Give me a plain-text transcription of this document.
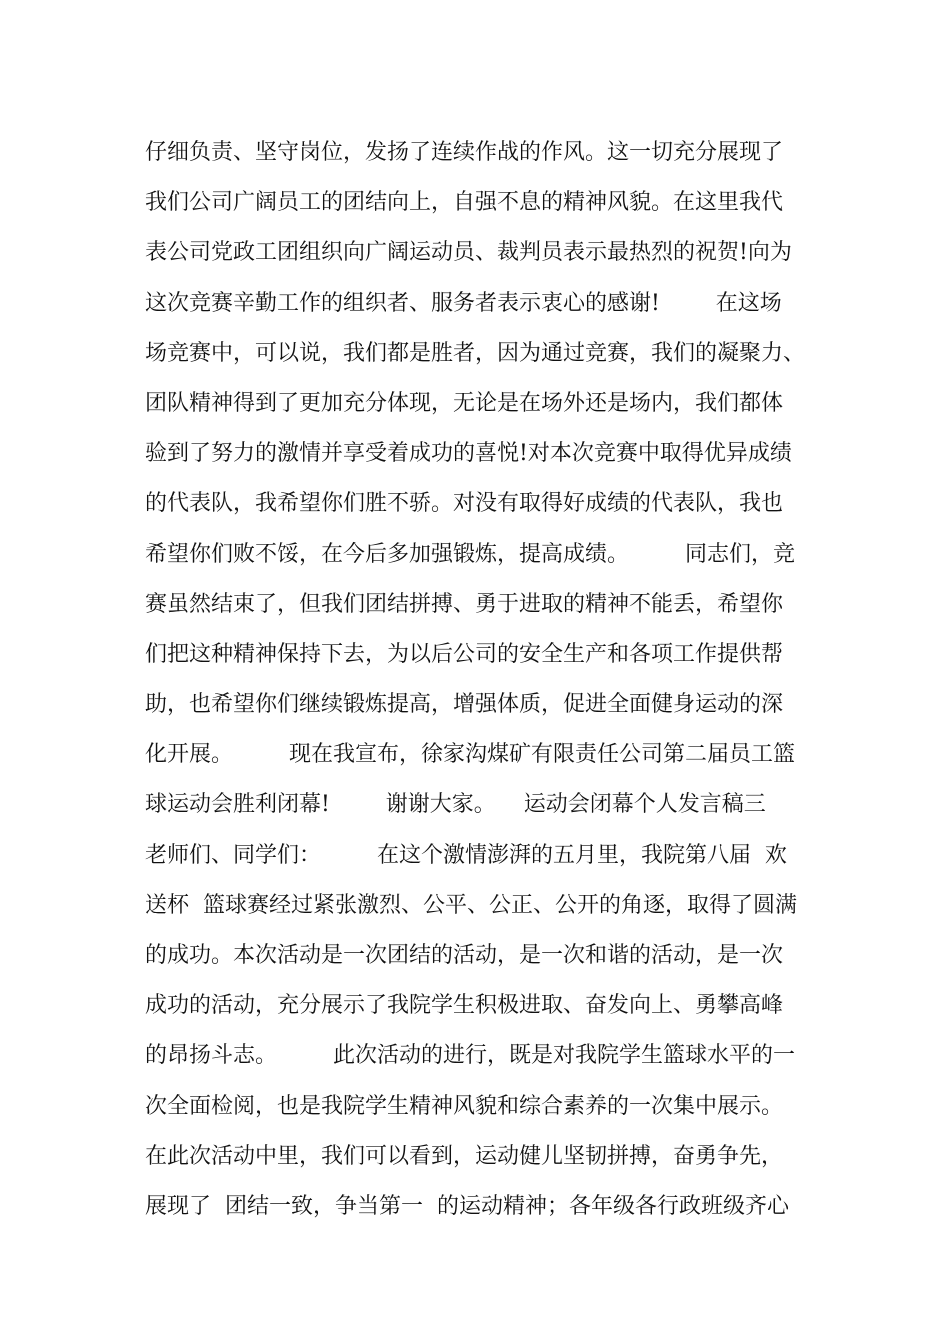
仔细负责、坚守岗位，发扬了连续作战的作风。这一切充分展现了
我们公司广阔员工的团结向上，自强不息的精神风貌。在这里我代
表公司党政工团组织向广阔运动员、裁判员表示最热烈的祝贺!向为
这次竞赛辛勤工作的组织者、服务者表示衷心的感谢!        在这场
场竞赛中，可以说，我们都是胜者，因为通过竞赛，我们的凝聚力、
团队精神得到了更加充分体现，无论是在场外还是场内，我们都体
验到了努力的激情并享受着成功的喜悦!对本次竞赛中取得优异成绩
的代表队，我希望你们胜不骄。对没有取得好成绩的代表队，我也
希望你们败不馁，在今后多加强锻炼，提高成绩。        同志们，竞
赛虽然结束了，但我们团结拼搏、勇于进取的精神不能丢，希望你
们把这种精神保持下去，为以后公司的安全生产和各项工作提供帮
助，也希望你们继续锻炼提高，增强体质，促进全面健身运动的深
化开展。        现在我宣布，徐家沟煤矿有限责任公司第二届员工篮
球运动会胜利闭幕!        谢谢大家。    运动会闭幕个人发言稿三
老师们、同学们：        在这个激情澎湃的五月里，我院第八届  欢
送杯  篮球赛经过紧张激烈、公平、公正、公开的角逐，取得了圆满
的成功。本次活动是一次团结的活动，是一次和谐的活动，是一次
成功的活动，充分展示了我院学生积极进取、奋发向上、勇攀高峰
的昂扬斗志。        此次活动的进行，既是对我院学生篮球水平的一
次全面检阅，也是我院学生精神风貌和综合素养的一次集中展示。
在此次活动中里，我们可以看到，运动健儿坚韧拼搏，奋勇争先，
展现了  团结一致，争当第一  的运动精神；各年级各行政班级齐心
